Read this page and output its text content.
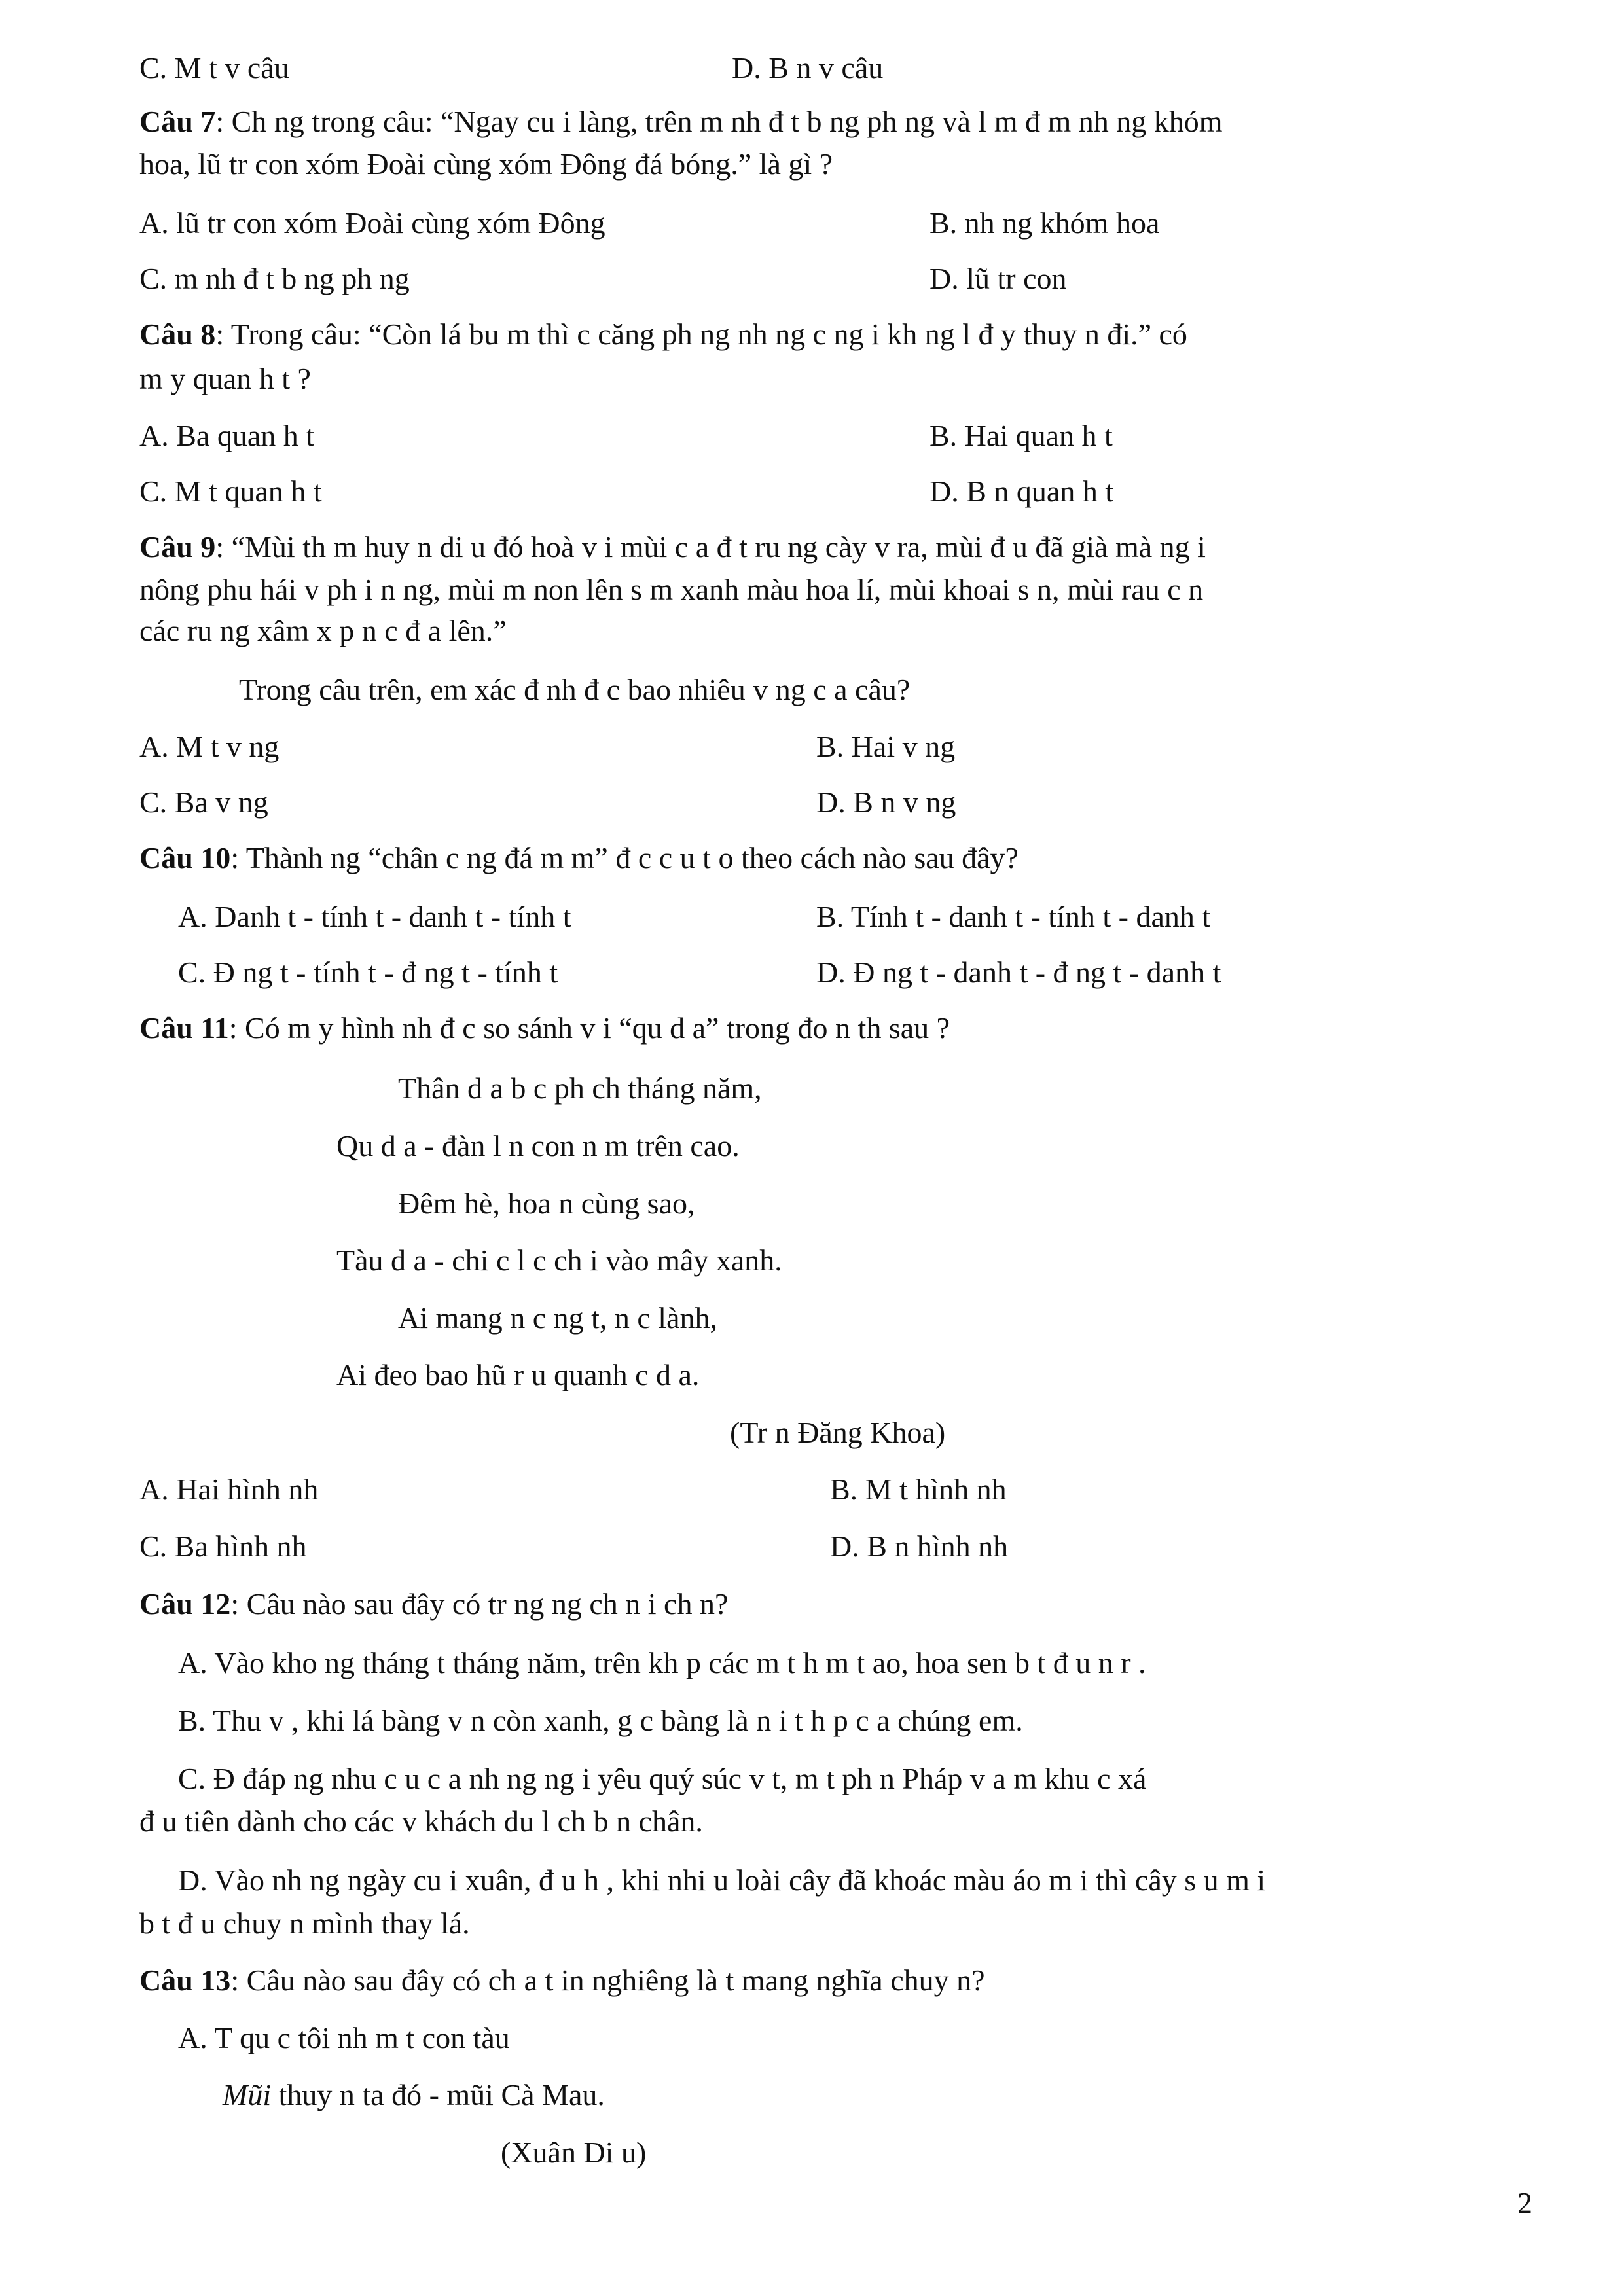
C. M t v câu	D. B n v câu
Câu 7: Ch ng trong câu: “Ngay cu i làng, trên m nh đ t b ng ph ng và l m đ m nh ng khóm
hoa, lũ tr con xóm Đoài cùng xóm Đông đá bóng.” là gì ?
A. lũ tr con xóm Đoài cùng xóm Đông	B. nh ng khóm hoa
C. m nh đ t b ng ph ng	D. lũ tr con
Câu 8: Trong câu: “Còn lá bu m thì c căng ph ng nh ng c ng i kh ng l đ y thuy n đi.” có
m y quan h t ?
A. Ba quan h t	B. Hai quan h t
C. M t quan h t	D. B n quan h t
Câu 9: “Mùi th m huy n di u đó hoà v i mùi c a đ t ru ng cày v ra, mùi đ u đã già mà ng i
nông phu hái v ph i n ng, mùi m non lên s m xanh màu hoa lí, mùi khoai s n, mùi rau c n
các ru ng xâm x p n c đ a lên.”
Trong câu trên, em xác đ nh đ c bao nhiêu v ng c a câu?
A. M t v ng	B. Hai v ng
C. Ba v ng	D. B n v ng
Câu 10: Thành ng “chân c ng đá m m” đ c c u t o theo cách nào sau đây?
A. Danh t - tính t - danh t - tính t	B. Tính t - danh t - tính t - danh t
C. Đ ng t - tính t - đ ng t - tính t	D. Đ ng t - danh t - đ ng t - danh t
Câu 11: Có m y hình nh đ c so sánh v i “qu d a” trong đo n th sau ?
Thân d a b c ph ch tháng năm,
Qu d a - đàn l n con n m trên cao.
Đêm hè, hoa n cùng sao,
Tàu d a - chi c l c ch i vào mây xanh.
Ai mang n c ng t, n c lành,
Ai đeo bao hũ r u quanh c d a.
(Tr n Đăng Khoa)
A. Hai hình nh	B. M t hình nh
C. Ba hình nh	D. B n hình nh
Câu 12: Câu nào sau đây có tr ng ng ch n i ch n?
A. Vào kho ng tháng t tháng năm, trên kh p các m t h m t ao, hoa sen b t đ u n r .
B. Thu v , khi lá bàng v n còn xanh, g c bàng là n i t h p c a chúng em.
C. Đ đáp ng nhu c u c a nh ng ng i yêu quý súc v t, m t ph n Pháp v a m khu c xá
đ u tiên dành cho các v khách du l ch b n chân.
D. Vào nh ng ngày cu i xuân, đ u h , khi nhi u loài cây đã khoác màu áo m i thì cây s u m i
b t đ u chuy n mình thay lá.
Câu 13: Câu nào sau đây có ch a t in nghiêng là t mang nghĩa chuy n?
A. T qu c tôi nh m t con tàu
Mũi thuy n ta đó - mũi Cà Mau.
(Xuân Di u)
2
